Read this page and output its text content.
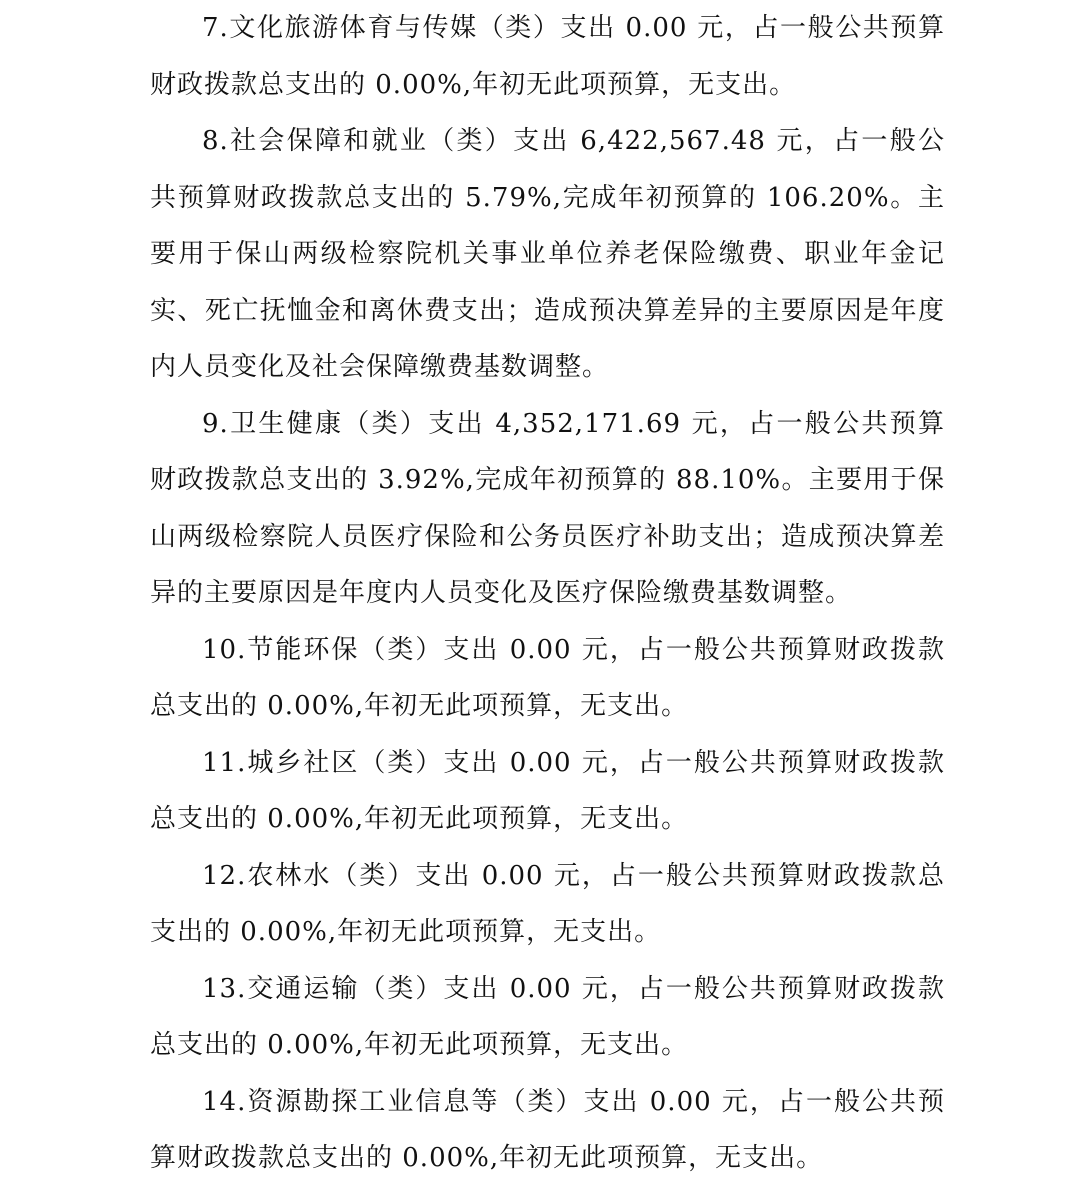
7.文化旅游体育与传媒（类）支出 0.00 元，占一般公共预算财政拨款总支出的 0.00%,年初无此项预算，无支出。

8.社会保障和就业（类）支出 6,422,567.48 元，占一般公共预算财政拨款总支出的 5.79%,完成年初预算的 106.20%。主要用于保山两级检察院机关事业单位养老保险缴费、职业年金记实、死亡抚恤金和离休费支出；造成预决算差异的主要原因是年度内人员变化及社会保障缴费基数调整。

9.卫生健康（类）支出 4,352,171.69 元，占一般公共预算财政拨款总支出的 3.92%,完成年初预算的 88.10%。主要用于保山两级检察院人员医疗保险和公务员医疗补助支出；造成预决算差异的主要原因是年度内人员变化及医疗保险缴费基数调整。

10.节能环保（类）支出 0.00 元，占一般公共预算财政拨款总支出的 0.00%,年初无此项预算，无支出。

11.城乡社区（类）支出 0.00 元，占一般公共预算财政拨款总支出的 0.00%,年初无此项预算，无支出。

12.农林水（类）支出 0.00 元，占一般公共预算财政拨款总支出的 0.00%,年初无此项预算，无支出。

13.交通运输（类）支出 0.00 元，占一般公共预算财政拨款总支出的 0.00%,年初无此项预算，无支出。

14.资源勘探工业信息等（类）支出 0.00 元，占一般公共预算财政拨款总支出的 0.00%,年初无此项预算，无支出。
